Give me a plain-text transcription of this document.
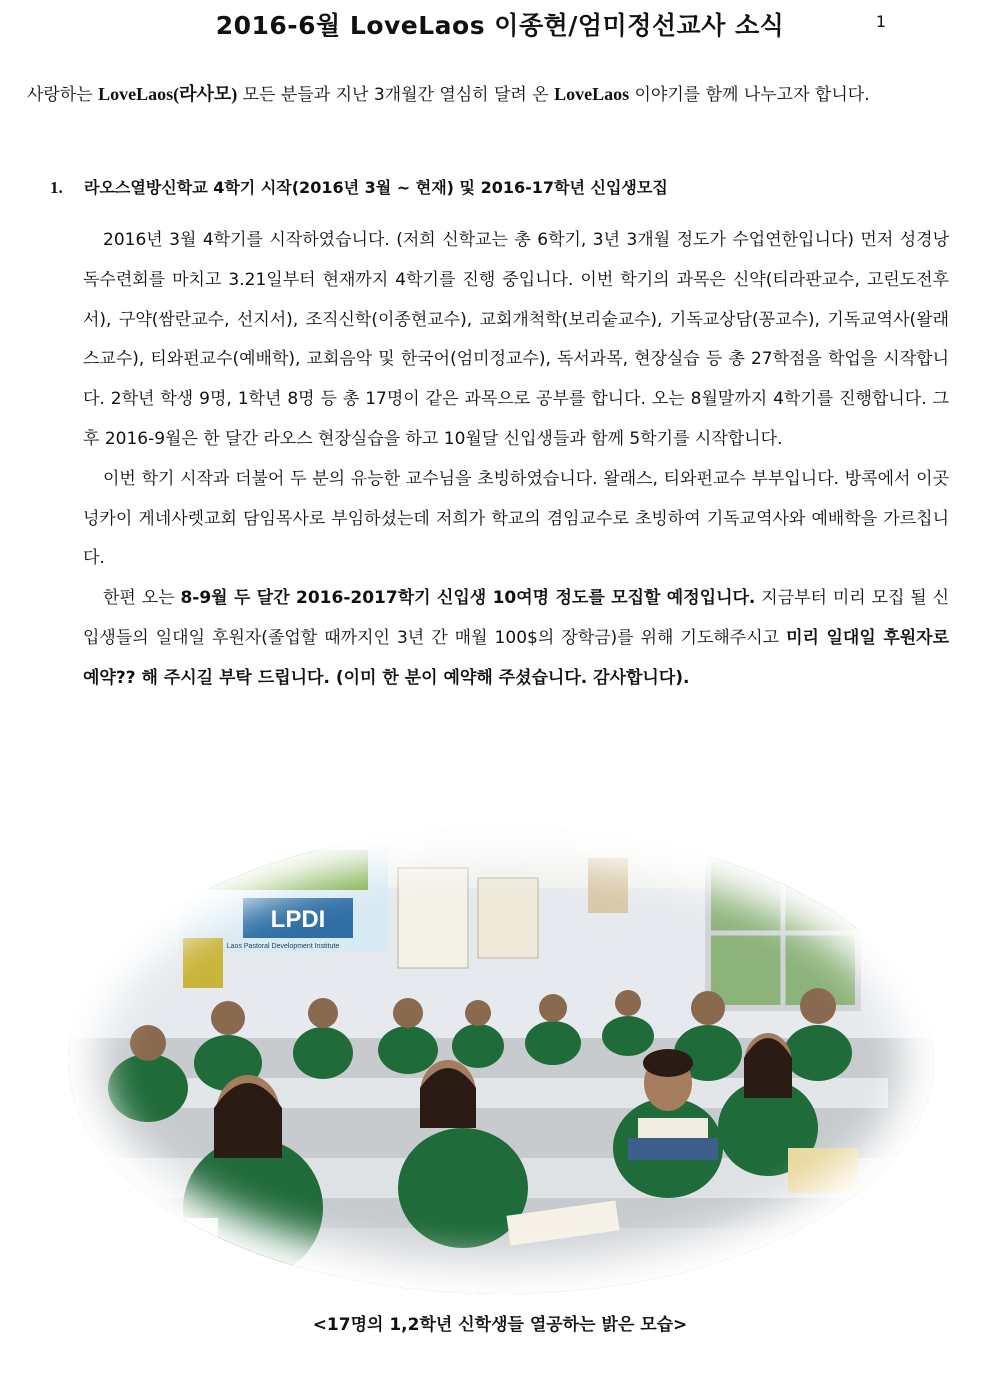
2016-6월 LoveLaos 이종현/엄미정선교사 소식	1
사랑하는 LoveLaos(라사모) 모든 분들과 지난 3개월간 열심히 달려 온 LoveLaos 이야기를 함께 나누고자 합니다.
1. 라오스열방신학교 4학기 시작(2016년 3월 ~ 현재) 및 2016-17학년 신입생모집

2016년 3월 4학기를 시작하였습니다. (저희 신학교는 총 6학기, 3년 3개월 정도가 수업연한입니다) 먼저 성경낭독수련회를 마치고 3.21일부터 현재까지 4학기를 진행 중입니다. 이번 학기의 과목은 신약(티라판교수, 고린도전후서), 구약(쌈란교수, 선지서), 조직신학(이종현교수), 교회개척학(보리숱교수), 기독교상담(꽁교수), 기독교역사(왈래스교수), 티와펀교수(예배학), 교회음악 및 한국어(엄미정교수), 독서과목, 현장실습 등 총 27학점을 학업을 시작합니다. 2학년 학생 9명, 1학년 8명 등 총 17명이 같은 과목으로 공부를 합니다. 오는 8월말까지 4학기를 진행합니다. 그 후 2016-9월은 한 달간 라오스 현장실습을 하고 10월달 신입생들과 함께 5학기를 시작합니다.

이번 학기 시작과 더불어 두 분의 유능한 교수님을 초빙하였습니다. 왈래스, 티와펀교수 부부입니다. 방콕에서 이곳 넝카이 게네사렛교회 담임목사로 부임하셨는데 저희가 학교의 겸임교수로 초빙하여 기독교역사와 예배학을 가르칩니다.

한편 오는 8-9월 두 달간 2016-2017학기 신입생 10여명 정도를 모집할 예정입니다. 지금부터 미리 모집 될 신입생들의 일대일 후원자(졸업할 때까지인 3년 간 매월 100$의 장학금)를 위해 기도해주시고 미리 일대일 후원자로 예약?? 해 주시길 부탁 드립니다. (이미 한 분이 예약해 주셨습니다. 감사합니다).

LPDI
Laos Pastoral Development Institute
<17명의 1,2학년 신학생들 열공하는 밝은 모습>
